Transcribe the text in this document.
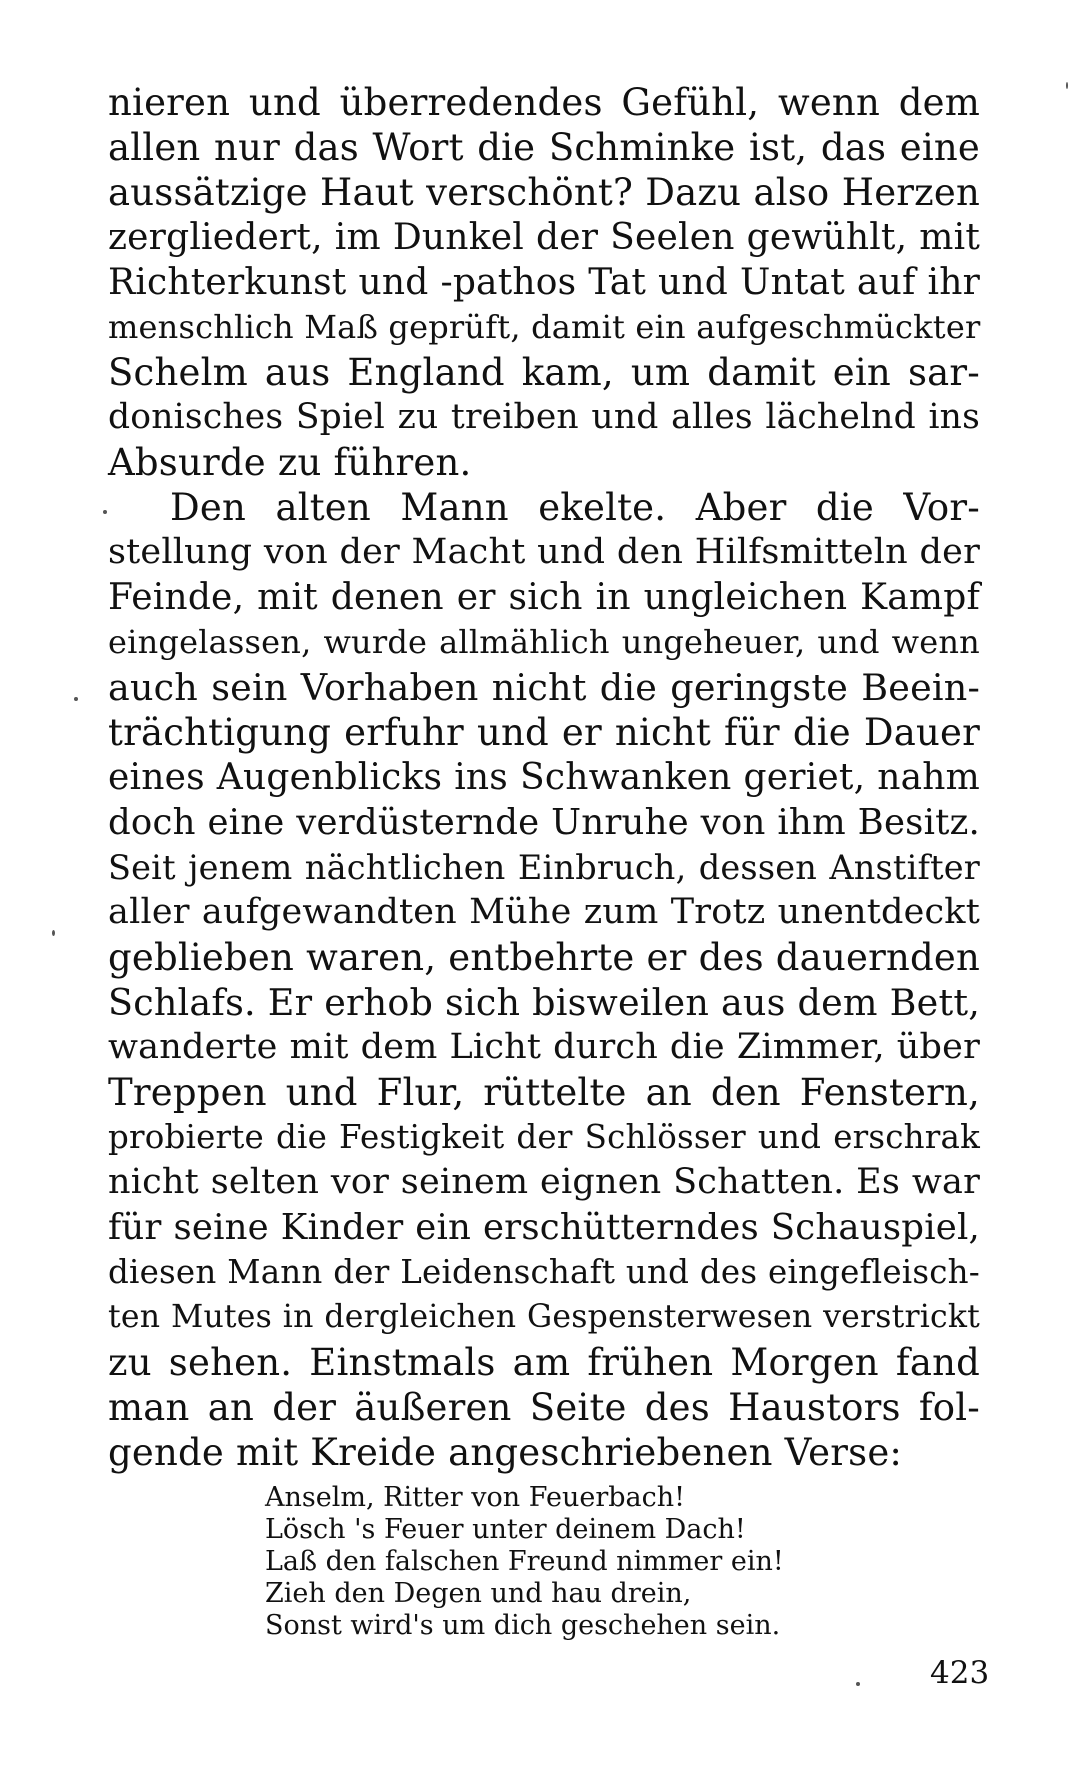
nieren und überredendes Gefühl, wenn dem
allen nur das Wort die Schminke ist, das eine
aussätzige Haut verschönt? Dazu also Herzen
zergliedert, im Dunkel der Seelen gewühlt, mit
Richterkunst und -pathos Tat und Untat auf ihr
menschlich Maß geprüft, damit ein aufgeschmückter
Schelm aus England kam, um damit ein sar-
donisches Spiel zu treiben und alles lächelnd ins
Absurde zu führen.
Den alten Mann ekelte. Aber die Vor-
stellung von der Macht und den Hilfsmitteln der
Feinde, mit denen er sich in ungleichen Kampf
eingelassen, wurde allmählich ungeheuer, und wenn
auch sein Vorhaben nicht die geringste Beein-
trächtigung erfuhr und er nicht für die Dauer
eines Augenblicks ins Schwanken geriet, nahm
doch eine verdüsternde Unruhe von ihm Besitz.
Seit jenem nächtlichen Einbruch, dessen Anstifter
aller aufgewandten Mühe zum Trotz unentdeckt
geblieben waren, entbehrte er des dauernden
Schlafs. Er erhob sich bisweilen aus dem Bett,
wanderte mit dem Licht durch die Zimmer, über
Treppen und Flur, rüttelte an den Fenstern,
probierte die Festigkeit der Schlösser und erschrak
nicht selten vor seinem eignen Schatten. Es war
für seine Kinder ein erschütterndes Schauspiel,
diesen Mann der Leidenschaft und des eingefleisch-
ten Mutes in dergleichen Gespensterwesen verstrickt
zu sehen. Einstmals am frühen Morgen fand
man an der äußeren Seite des Haustors fol-
gende mit Kreide angeschriebenen Verse:
Anselm, Ritter von Feuerbach!
Lösch 's Feuer unter deinem Dach!
Laß den falschen Freund nimmer ein!
Zieh den Degen und hau drein,
Sonst wird's um dich geschehen sein.
423
